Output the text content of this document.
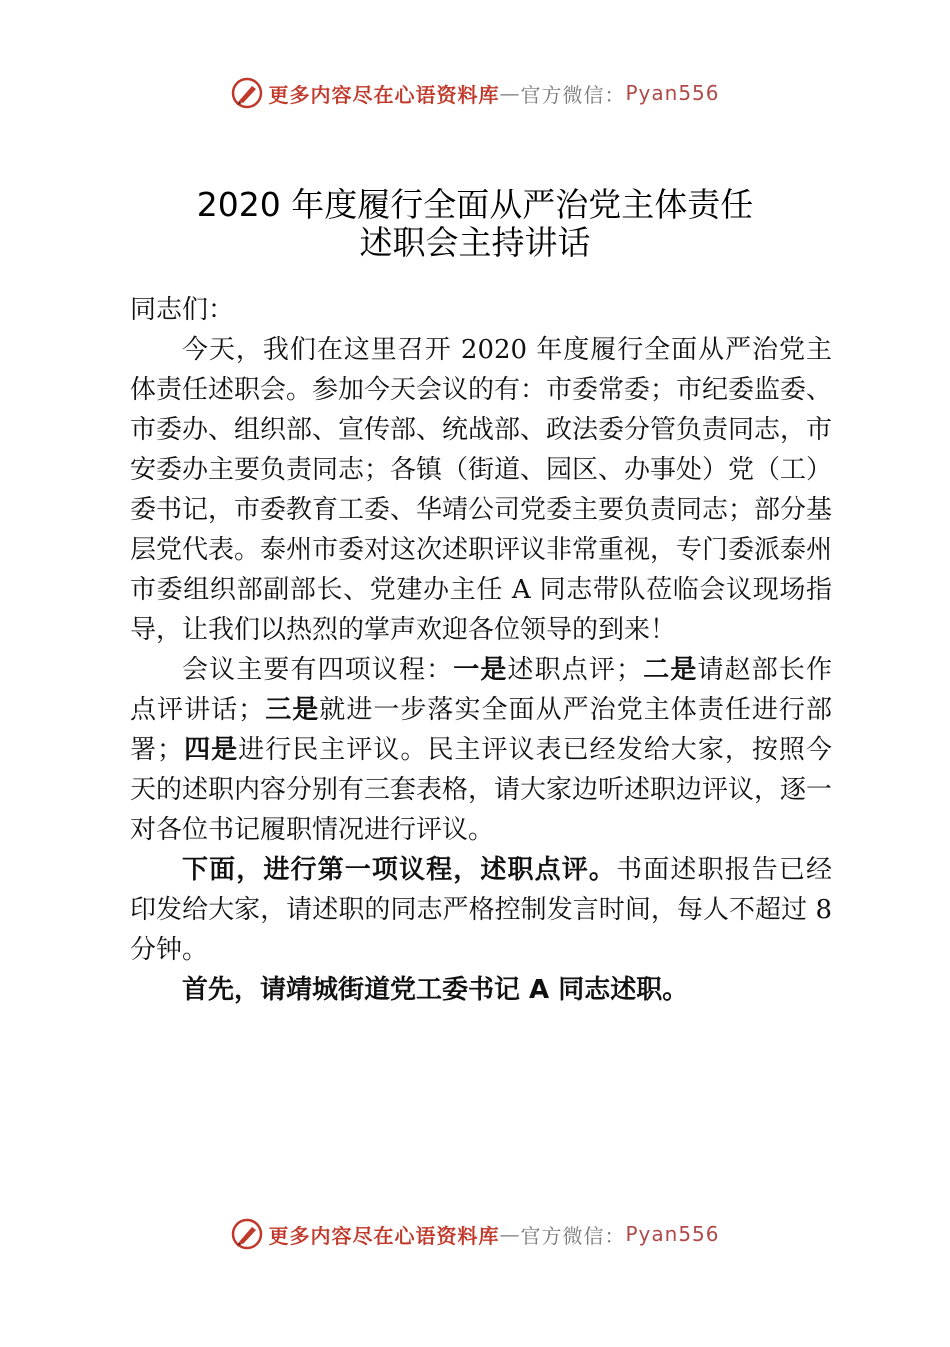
更多内容尽在心语资料库 — 官方微信： Pyan556
2020 年度履行全面从严治党主体责任
述职会主持讲话

同志们：

今天，我们在这里召开 2020 年度履行全面从严治党主体责任述职会。参加今天会议的有：市委常委；市纪委监委、市委办、组织部、宣传部、统战部、政法委分管负责同志，市安委办主要负责同志；各镇（街道、园区、办事处）党（工）委书记，市委教育工委、华靖公司党委主要负责同志；部分基层党代表。泰州市委对这次述职评议非常重视，专门委派泰州市委组织部副部长、党建办主任 A 同志带队莅临会议现场指导，让我们以热烈的掌声欢迎各位领导的到来！

会议主要有四项议程：一是述职点评；二是请赵部长作点评讲话；三是就进一步落实全面从严治党主体责任进行部署；四是进行民主评议。民主评议表已经发给大家，按照今天的述职内容分别有三套表格，请大家边听述职边评议，逐一对各位书记履职情况进行评议。

下面，进行第一项议程，述职点评。书面述职报告已经印发给大家，请述职的同志严格控制发言时间，每人不超过 8 分钟。

首先，请靖城街道党工委书记 A 同志述职。

更多内容尽在心语资料库 — 官方微信： Pyan556
